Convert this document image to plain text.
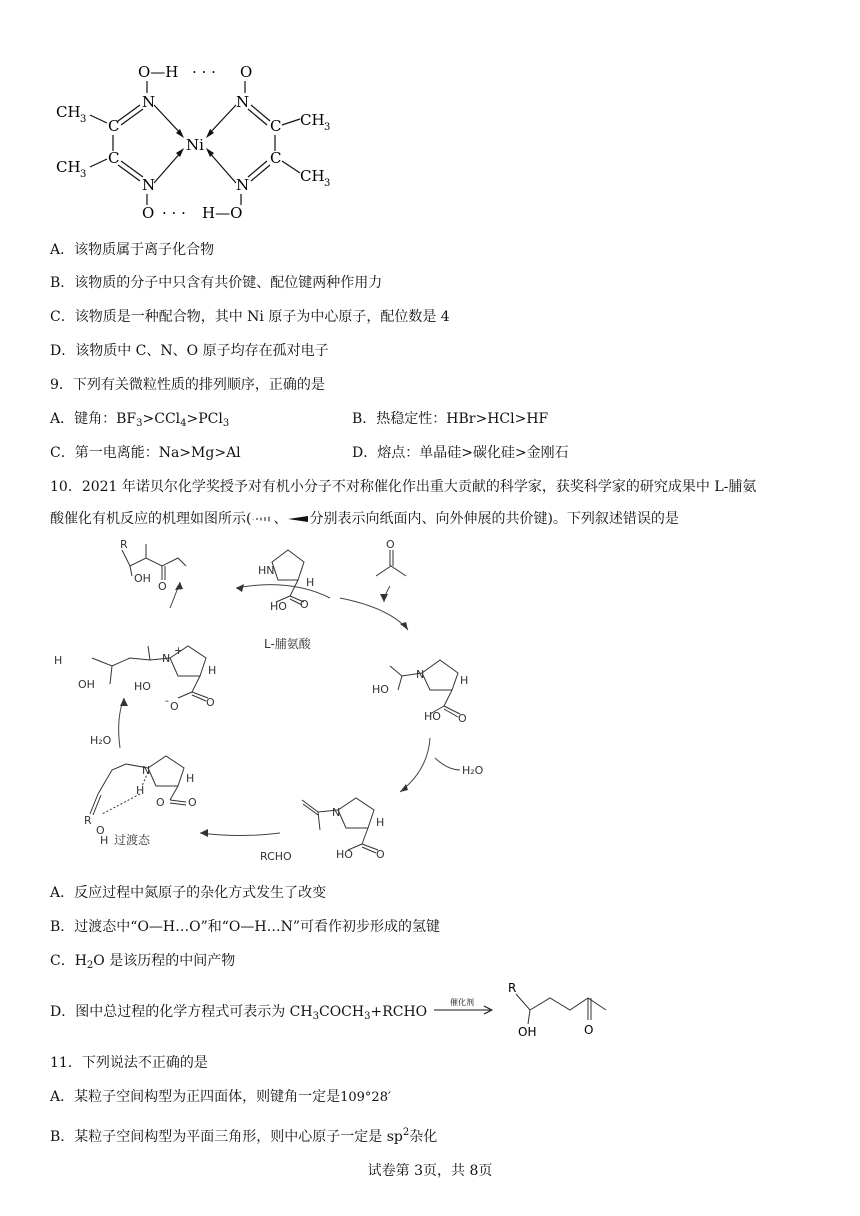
O—H · · · O
N	N
N	N
C
C
C
C
CH 3
CH 3
CH 3
CH 3
Ni
O · · · H—O
A．该物质属于离子化合物
B．该物质的分子中只含有共价键、配位键两种作用力
C．该物质是一种配合物，其中 Ni 原子为中心原子，配位数是 4
D．该物质中 C、N、O 原子均存在孤对电子
9．下列有关微粒性质的排列顺序，正确的是
A．键角：$BF_3>CCl_4>PCl_3$	B．热稳定性：HBr>HCl>HF
C．第一电离能：Na>Mg>Al	D．熔点：单晶硅>碳化硅>金刚石
10．2021 年诺贝尔化学奖授予对有机小分子不对称催化作出重大贡献的科学家，获奖科学家的研究成果中 L-脯氨
酸催化有机反应的机理如图所示( 、 分别表示向纸面内、向外伸展的共价键)。下列叙述错误的是
R
OH
O
HN
HO O
H
O
N
HO
HO O
H
N
HO O
H
N
+
H
O
-	O
H
OH	HO
N
H
O O
H
R
O
H
L-脯氨酸
过渡态
H₂O
H₂O
RCHO
A．反应过程中氮原子的杂化方式发生了改变
B．过渡态中“O—H…O”和“O—H…N”可看作初步形成的氢键
C．$H_2O$ 是该历程的中间产物
D．图中总过程的化学方程式可表示为 $CH_3COCH_3+RCHO$
催化剂
R
OH	O
11．下列说法不正确的是
A．某粒子空间构型为正四面体，则键角一定是109°28′
B．某粒子空间构型为平面三角形，则中心原子一定是 $sp^2$杂化
试卷第 3页，共 8页
